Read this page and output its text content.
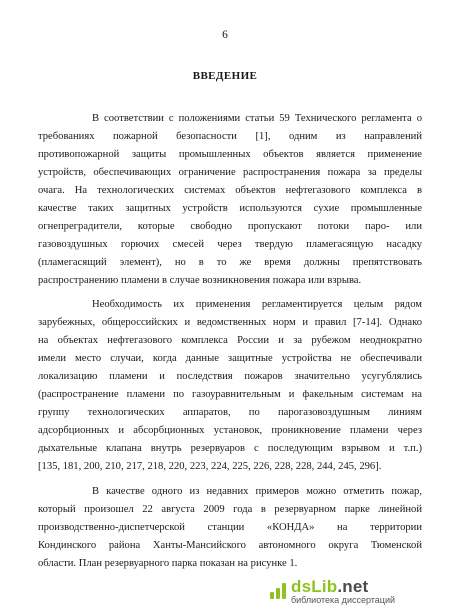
6
ВВЕДЕНИЕ
В соответствии с положениями статьи 59 Технического регламента о
требованиях пожарной безопасности [1], одним из направлений
противопожарной защиты промышленных объектов является применение
устройств, обеспечивающих ограничение распространения пожара за пределы
очага. На технологических системах объектов нефтегазового комплекса в
качестве таких защитных устройств используются сухие промышленные
огнепреградители, которые свободно пропускают потоки паро- или
газовоздушных горючих смесей через твердую пламегасящую насадку
(пламегасящий элемент), но в то же время должны препятствовать
распространению пламени в случае возникновения пожара или взрыва.
Необходимость их применения регламентируется целым рядом
зарубежных, общероссийских и ведомственных норм и правил [7-14]. Однако
на объектах нефтегазового комплекса России и за рубежом неоднократно
имели место случаи, когда данные защитные устройства не обеспечивали
локализацию пламени и последствия пожаров значительно усугублялись
(распространение пламени по газоуравнительным и факельным системам на
группу технологических аппаратов, по парогазовоздушным линиям
адсорбционных и абсорбционных установок, проникновение пламени через
дыхательные клапана внутрь резервуаров с последующим взрывом и т.п.)
[135, 181, 200, 210, 217, 218, 220, 223, 224, 225, 226, 228, 228, 244, 245, 296].
В качестве одного из недавних примеров можно отметить пожар,
который произошел 22 августа 2009 года в резервуарном парке линейной
производственно-диспетчерской станции «КОНДА» на территории
Кондинского района Ханты-Мансийского автономного округа Тюменской
области. План резервуарного парка показан на рисунке 1.
dsLib.net
библиотека диссертаций
